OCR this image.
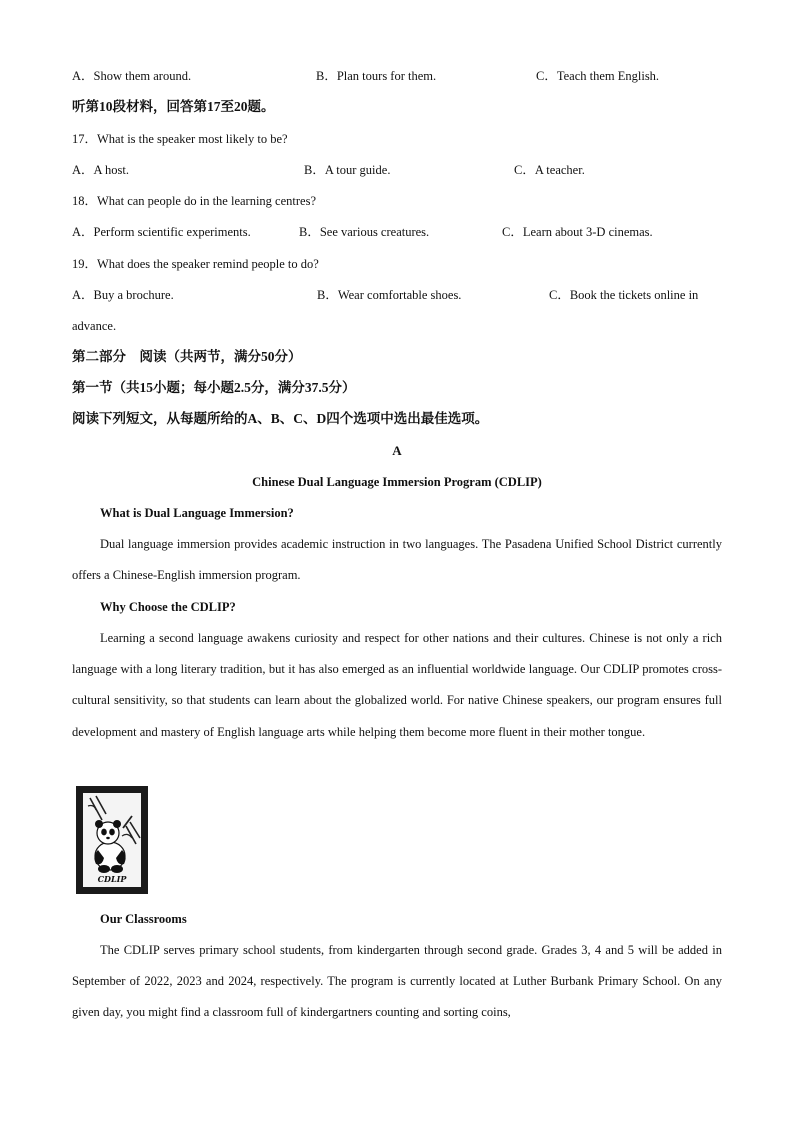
A．Show them around.	B．Plan tours for them.	C．Teach them English.
听第10段材料，回答第17至20题。
17．What is the speaker most likely to be?
A．A host.	B．A tour guide.	C．A teacher.
18．What can people do in the learning centres?
A．Perform scientific experiments.	B．See various creatures.	C．Learn about 3-D cinemas.
19．What does the speaker remind people to do?
A．Buy a brochure.	B．Wear comfortable shoes.	C．Book the tickets online in
advance.
第二部分　阅读（共两节，满分50分）
第一节（共15小题；每小题2.5分，满分37.5分）
阅读下列短文，从每题所给的A、B、C、D四个选项中选出最佳选项。
A
Chinese Dual Language Immersion Program (CDLIP)
What is Dual Language Immersion?

Dual language immersion provides academic instruction in two languages. The Pasadena Unified School District currently offers a Chinese-English immersion program.

Why Choose the CDLIP?

Learning a second language awakens curiosity and respect for other nations and their cultures. Chinese is not only a rich language with a long literary tradition, but it has also emerged as an influential worldwide language. Our CDLIP promotes cross- cultural sensitivity, so that students can learn about the globalized world. For native Chinese speakers, our program ensures full development and mastery of English language arts while helping them become more fluent in their mother tongue.

CDLIP
Our Classrooms

The CDLIP serves primary school students, from kindergarten through second grade. Grades 3, 4 and 5 will be added in September of 2022, 2023 and 2024, respectively. The program is currently located at Luther Burbank Primary School. On any given day, you might find a classroom full of kindergartners counting and sorting coins,
